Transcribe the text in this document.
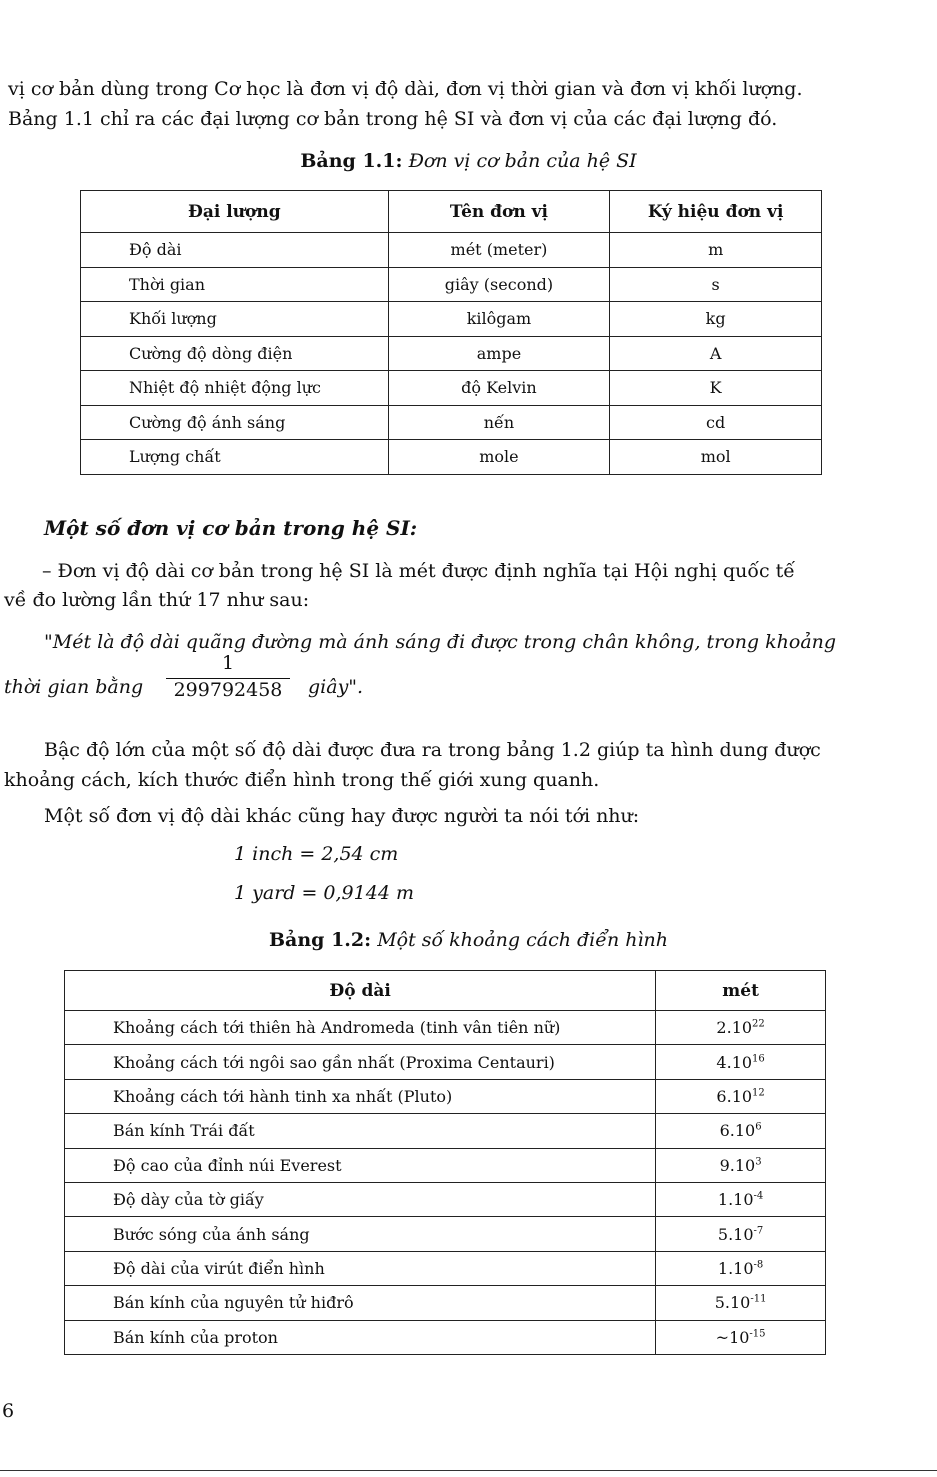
vị cơ bản dùng trong Cơ học là đơn vị độ dài, đơn vị thời gian và đơn vị khối lượng.

Bảng 1.1 chỉ ra các đại lượng cơ bản trong hệ SI và đơn vị của các đại lượng đó.

Bảng 1.1: Đơn vị cơ bản của hệ SI
Đại lượng	Tên đơn vị	Ký hiệu đơn vị
Độ dài	mét (meter)	m
Thời gian	giây (second)	s
Khối lượng	kilôgam	kg
Cường độ dòng điện	ampe	A
Nhiệt độ nhiệt động lực	độ Kelvin	K
Cường độ ánh sáng	nến	cd
Lượng chất	mole	mol
Một số đơn vị cơ bản trong hệ SI:

– Đơn vị độ dài cơ bản trong hệ SI là mét được định nghĩa tại Hội nghị quốc tế

về đo lường lần thứ 17 như sau:

"Mét là độ dài quãng đường mà ánh sáng đi được trong chân không, trong khoảng

thời gian bằng

1
299792458	giây".

Bậc độ lớn của một số độ dài được đưa ra trong bảng 1.2 giúp ta hình dung được

khoảng cách, kích thước điển hình trong thế giới xung quanh.

Một số đơn vị độ dài khác cũng hay được người ta nói tới như:

1 inch = 2,54 cm

1 yard = 0,9144 m

Bảng 1.2: Một số khoảng cách điển hình
Độ dài	mét
Khoảng cách tới thiên hà Andromeda (tinh vân tiên nữ)	2.10$^{22}$
Khoảng cách tới ngôi sao gần nhất (Proxima Centauri)	4.10$^{16}$
Khoảng cách tới hành tinh xa nhất (Pluto)	6.10$^{12}$
Bán kính Trái đất	6.10$^6$
Độ cao của đỉnh núi Everest	9.10$^3$
Độ dày của tờ giấy	$1.10^{-4}$
Bước sóng của ánh sáng	$5.10^{-7}$
Độ dài của virút điển hình	$1.10^{-8}$
Bán kính của nguyên tử hiđrô	$5.10^{-11}$
Bán kính của proton	$\sim 10^{-15}$
6
